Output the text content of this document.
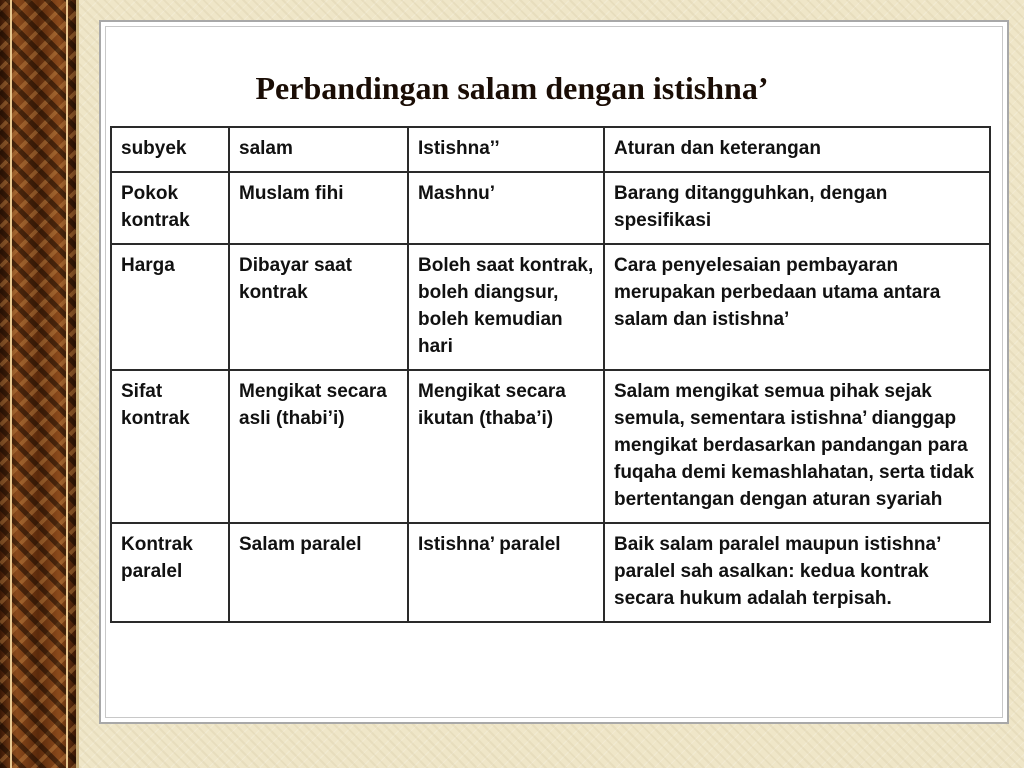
Perbandingan salam dengan istishna’
subyek	salam	Istishna’’	Aturan dan keterangan
Pokok kontrak	Muslam fihi	Mashnu’	Barang ditangguhkan, dengan spesifikasi
Harga	Dibayar saat kontrak	Boleh saat kontrak, boleh diangsur, boleh kemudian hari	Cara penyelesaian pembayaran merupakan perbedaan utama antara salam dan istishna’
Sifat kontrak	Mengikat secara asli (thabi’i)	Mengikat secara ikutan (thaba’i)	Salam mengikat semua pihak sejak semula, sementara istishna’ dianggap mengikat berdasarkan pandangan para fuqaha demi kemashlahatan, serta tidak bertentangan dengan aturan syariah
Kontrak paralel	Salam paralel	Istishna’ paralel	Baik salam paralel maupun istishna’ paralel sah asalkan: kedua kontrak secara hukum adalah terpisah.
